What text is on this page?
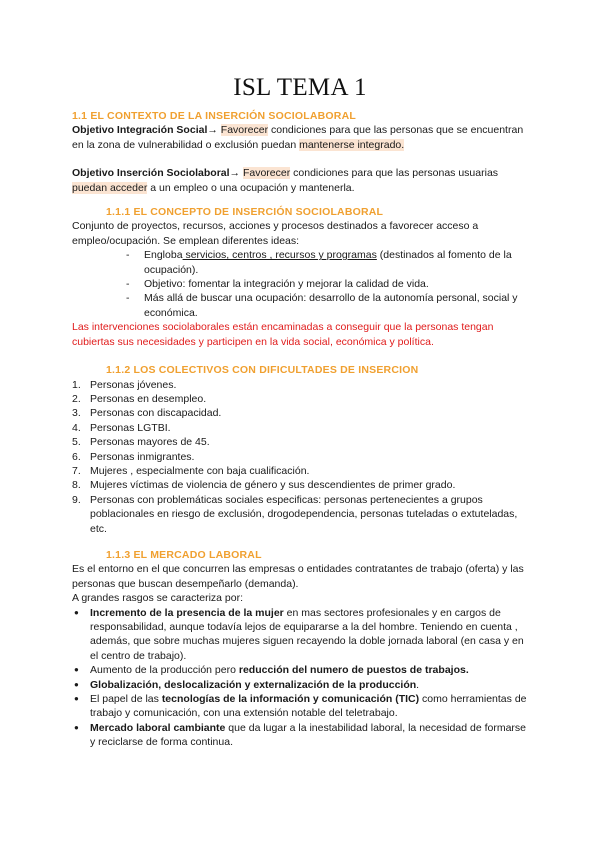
ISL TEMA 1
1.1 EL CONTEXTO DE LA INSERCIÓN SOCIOLABORAL

Objetivo Integración Social→ Favorecer condiciones para que las personas que se encuentran en la zona de vulnerabilidad o exclusión puedan mantenerse integrado.

Objetivo Inserción Sociolaboral→ Favorecer condiciones para que las personas usuarias puedan acceder a un empleo o una ocupación y mantenerla.

1.1.1 EL CONCEPTO DE INSERCIÓN SOCIOLABORAL

Conjunto de proyectos, recursos, acciones y procesos destinados a favorecer acceso a empleo/ocupación. Se emplean diferentes ideas:

- Engloba servicios, centros , recursos y programas (destinados al fomento de la ocupación).
- Objetivo: fomentar la integración y mejorar la calidad de vida.
- Más allá de buscar una ocupación: desarrollo de la autonomía personal, social y económica.

Las intervenciones sociolaborales están encaminadas a conseguir que la personas tengan cubiertas sus necesidades y participen en la vida social, económica y política.

1.1.2 LOS COLECTIVOS CON DIFICULTADES DE INSERCION
1. Personas jóvenes.
2. Personas en desempleo.
3. Personas con discapacidad.
4. Personas LGTBI.
5. Personas mayores de 45.
6. Personas inmigrantes.
7. Mujeres , especialmente con baja cualificación.
8. Mujeres víctimas de violencia de género y sus descendientes de primer grado.
9. Personas con problemáticas sociales especificas: personas pertenecientes a grupos poblacionales en riesgo de exclusión, drogodependencia, personas tuteladas o extuteladas, etc.
1.1.3 EL MERCADO LABORAL

Es el entorno en el que concurren las empresas o entidades contratantes de trabajo (oferta) y las personas que buscan desempeñarlo (demanda).

A grandes rasgos se caracteriza por:

● Incremento de la presencia de la mujer en mas sectores profesionales y en cargos de responsabilidad, aunque todavía lejos de equipararse a la del hombre. Teniendo en cuenta , además, que sobre muchas mujeres siguen recayendo la doble jornada laboral (en casa y en el centro de trabajo).
● Aumento de la producción pero reducción del numero de puestos de trabajos.
● Globalización, deslocalización y externalización de la producción.
● El papel de las tecnologías de la información y comunicación (TIC) como herramientas de trabajo y comunicación, con una extensión notable del teletrabajo.
● Mercado laboral cambiante que da lugar a la inestabilidad laboral, la necesidad de formarse y reciclarse de forma continua.
